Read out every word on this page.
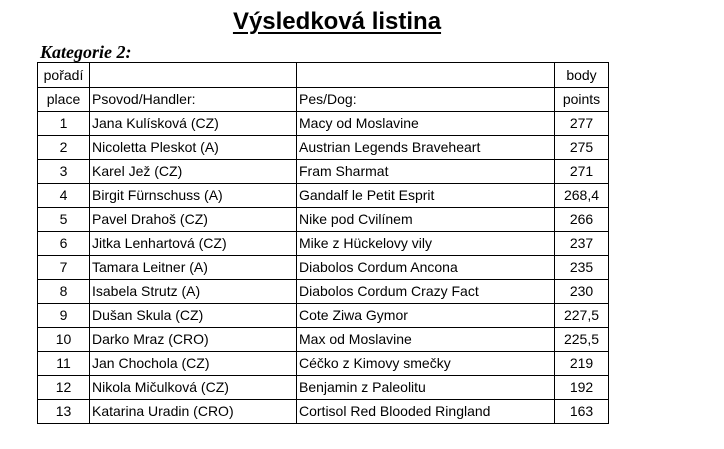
Výsledková listina
Kategorie 2:
pořadí			body
place	Psovod/Handler:	Pes/Dog:	points
1	Jana Kulísková (CZ)	Macy od Moslavine	277
2	Nicoletta Pleskot (A)	Austrian Legends Braveheart	275
3	Karel Jež (CZ)	Fram Sharmat	271
4	Birgit Fürnschuss (A)	Gandalf le Petit Esprit	268,4
5	Pavel Drahoš (CZ)	Nike pod Cvilínem	266
6	Jitka Lenhartová (CZ)	Mike z Hückelovy vily	237
7	Tamara Leitner (A)	Diabolos Cordum Ancona	235
8	Isabela Strutz (A)	Diabolos Cordum Crazy Fact	230
9	Dušan Skula (CZ)	Cote Ziwa Gymor	227,5
10	Darko Mraz (CRO)	Max od Moslavine	225,5
11	Jan Chochola (CZ)	Céčko z Kimovy smečky	219
12	Nikola Mičulková (CZ)	Benjamin z Paleolitu	192
13	Katarina Uradin (CRO)	Cortisol Red Blooded Ringland	163
